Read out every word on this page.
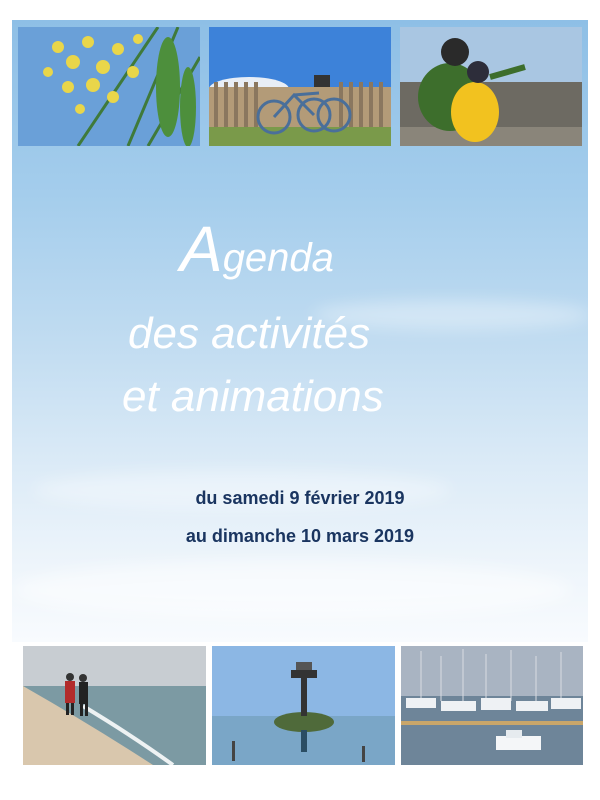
Agenda
des activités
et animations
du samedi 9 février 2019
au dimanche 10 mars 2019
